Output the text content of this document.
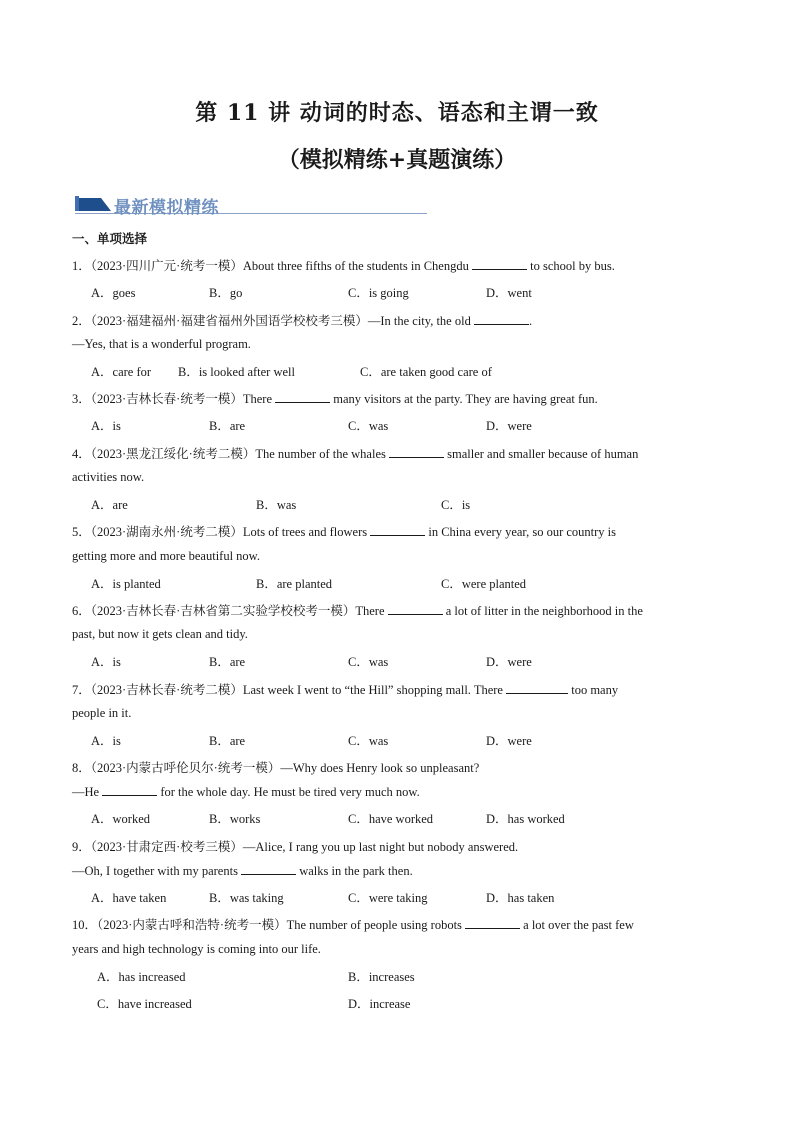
第 11 讲 动词的时态、语态和主谓一致
（模拟精练+真题演练）
最新模拟精练
一、单项选择
1．（2023·四川广元·统考一模）About three fifths of the students in Chengdu	to school by bus.
A．goes	B．go	C．is going	D．went
2．（2023·福建福州·福建省福州外国语学校校考三模）—In the city, the old	.
—Yes, that is a wonderful program.
A．care for B．is looked after well	C．are taken good care of
3．（2023·吉林长春·统考一模）There	many visitors at the party. They are having great fun.
A．is	B．are	C．was	D．were
4．（2023·黑龙江绥化·统考二模）The number of the whales	smaller and smaller because of human
activities now.
A．are	B．was	C．is
5．（2023·湖南永州·统考二模）Lots of trees and flowers	in China every year, so our country is
getting more and more beautiful now.
A．is planted	B．are planted	C．were planted
6．（2023·吉林长春·吉林省第二实验学校校考一模）There	a lot of litter in the neighborhood in the
past, but now it gets clean and tidy.
A．is	B．are	C．was	D．were
7．（2023·吉林长春·统考二模）Last week I went to “the Hill” shopping mall. There	too many
people in it.
A．is	B．are	C．was	D．were
8．（2023·内蒙古呼伦贝尔·统考一模）—Why does Henry look so unpleasant?
—He	for the whole day. He must be tired very much now.
A．worked	B．works	C．have worked	D．has worked
9．（2023·甘肃定西·校考三模）—Alice, I rang you up last night but nobody answered.
—Oh, I together with my parents	walks in the park then.
A．have taken	B．was taking	C．were taking	D．has taken
10．（2023·内蒙古呼和浩特·统考一模）The number of people using robots	a lot over the past few
years and high technology is coming into our life.
A．has increased	B．increases
C．have increased	D．increase
